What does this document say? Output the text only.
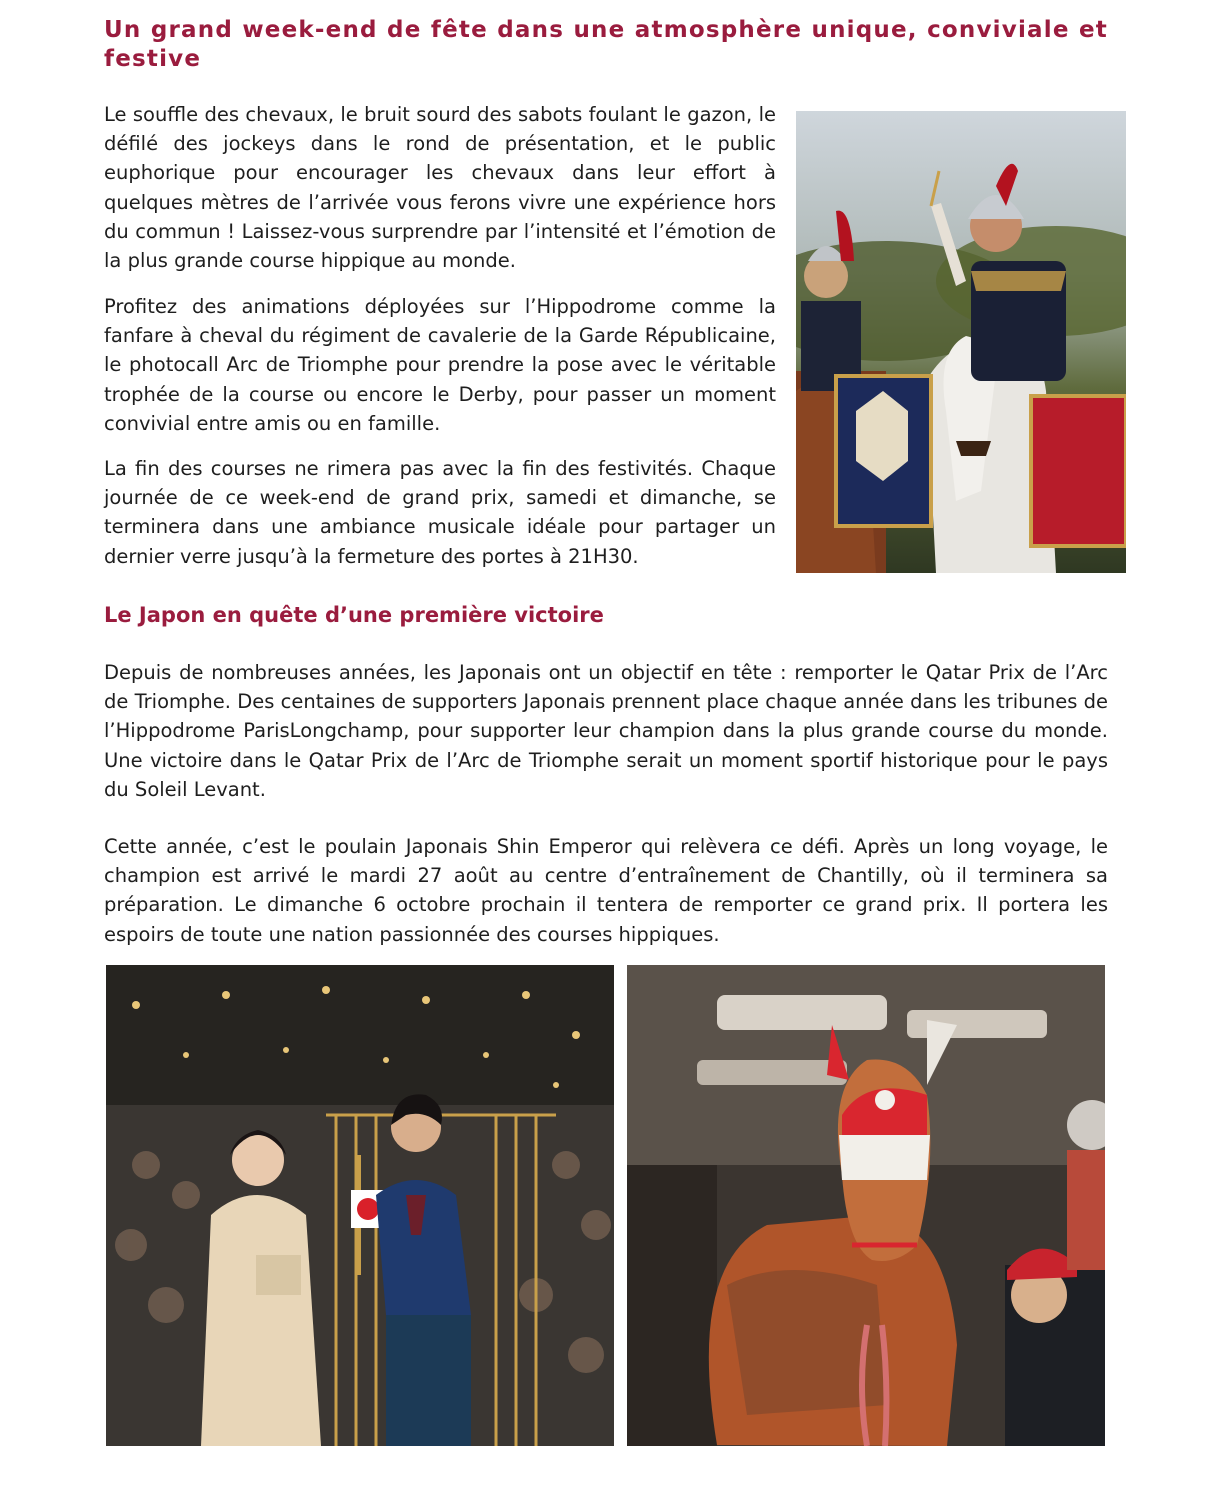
Un grand week-end de fête dans une atmosphère unique, conviviale et festive

Le souffle des chevaux, le bruit sourd des sabots foulant le gazon, le défilé des jockeys dans le rond de présentation, et le public euphorique pour encourager les chevaux dans leur effort à quelques mètres de l’arrivée vous ferons vivre une expérience hors du commun ! Laissez-vous surprendre par l’intensité et l’émotion de la plus grande course hippique au monde.

Profitez des animations déployées sur l’Hippodrome comme la fanfare à cheval du régiment de cavalerie de la Garde Républicaine, le photocall Arc de Triomphe pour prendre la pose avec le véritable trophée de la course ou encore le Derby, pour passer un moment convivial entre amis ou en famille.

La fin des courses ne rimera pas avec la fin des festivités. Chaque journée de ce week-end de grand prix, samedi et dimanche, se terminera dans une ambiance musicale idéale pour partager un dernier verre jusqu’à la fermeture des portes à 21H30.

Le Japon en quête d’une première victoire

Depuis de nombreuses années, les Japonais ont un objectif en tête : remporter le Qatar Prix de l’Arc de Triomphe. Des centaines de supporters Japonais prennent place chaque année dans les tribunes de l’Hippodrome ParisLongchamp, pour supporter leur champion dans la plus grande course du monde. Une victoire dans le Qatar Prix de l’Arc de Triomphe serait un moment sportif historique pour le pays du Soleil Levant.

Cette année, c’est le poulain Japonais Shin Emperor qui relèvera ce défi. Après un long voyage, le champion est arrivé le mardi 27 août au centre d’entraînement de Chantilly, où il terminera sa préparation. Le dimanche 6 octobre prochain il tentera de remporter ce grand prix. Il portera les espoirs de toute une nation passionnée des courses hippiques.
